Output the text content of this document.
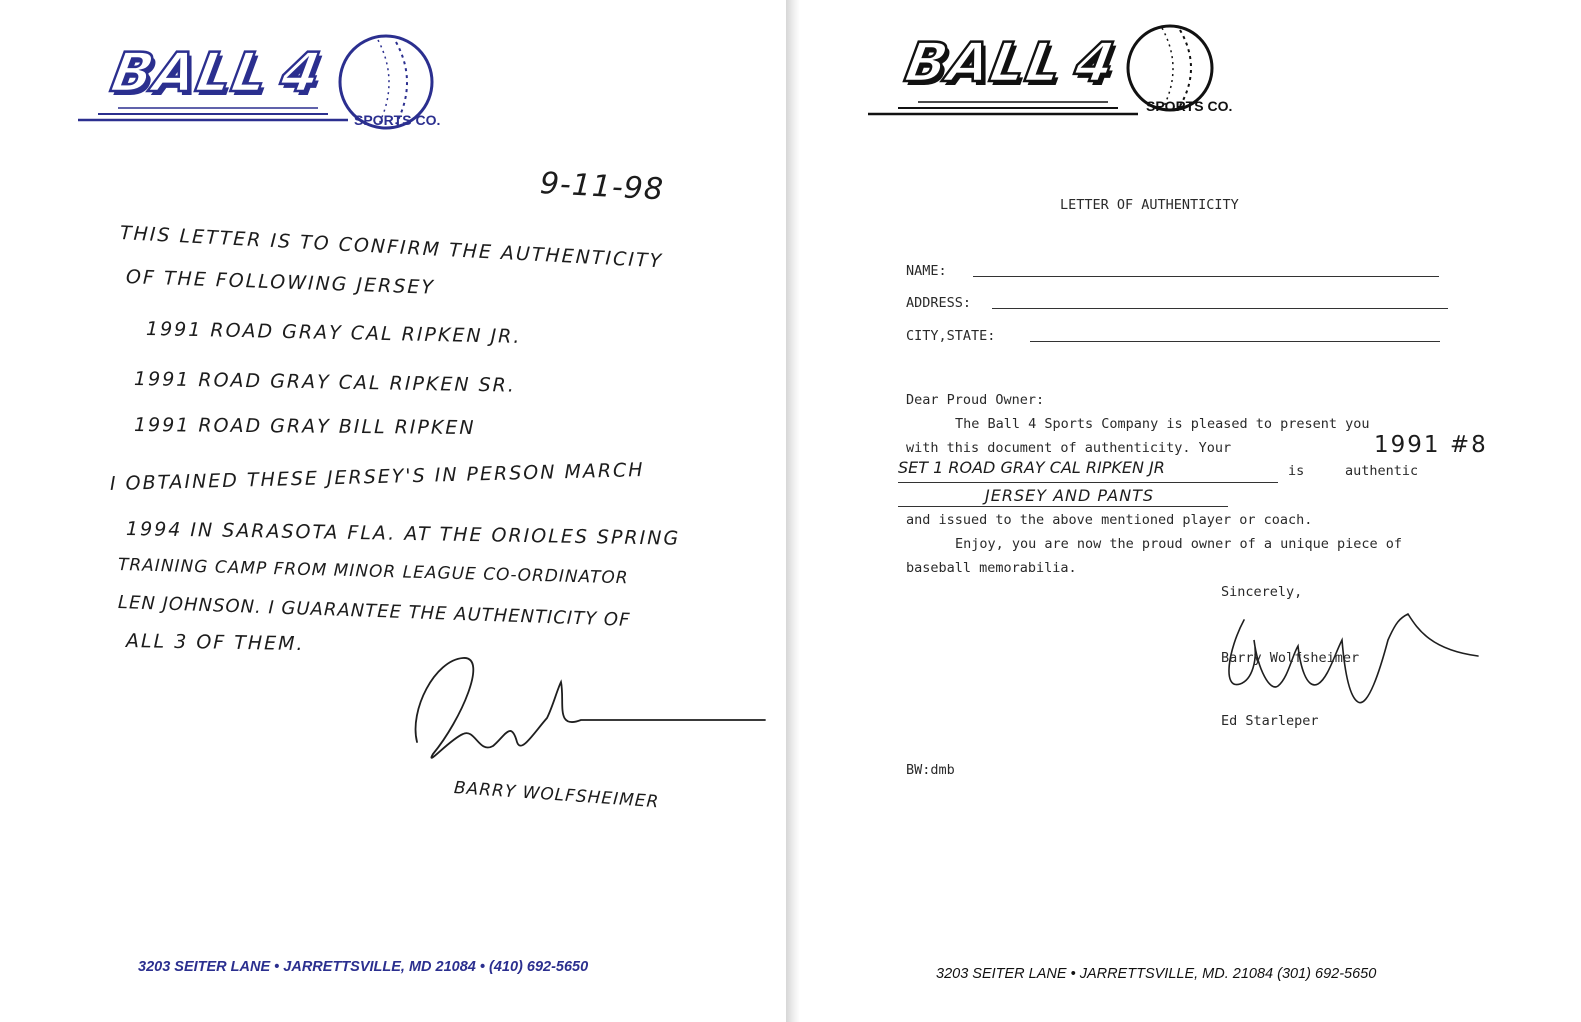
BALL4
SPORTS CO.
9-11-98
THIS LETTER IS TO CONFIRM THE AUTHENTICITY
OF THE FOLLOWING JERSEY
1991 ROAD GRAY CAL RIPKEN JR.
1991 ROAD GRAY CAL RIPKEN SR.
1991 ROAD GRAY BILL RIPKEN
I OBTAINED THESE JERSEY'S IN PERSON MARCH
1994 IN SARASOTA FLA. AT THE ORIOLES SPRING
TRAINING CAMP FROM MINOR LEAGUE CO-ORDINATOR
LEN JOHNSON. I GUARANTEE THE AUTHENTICITY OF
ALL 3 OF THEM.
BARRY WOLFSHEIMER
3203 SEITER LANE • JARRETTSVILLE, MD 21084 • (410) 692-5650
BALL4
SPORTS CO.
LETTER OF AUTHENTICITY
NAME:
ADDRESS:
CITY,STATE:
Dear Proud Owner:
The Ball 4 Sports Company is pleased to present you
with this document of authenticity. Your	1991 #8
SET 1 ROAD GRAY CAL RIPKEN JR	is	authentic
JERSEY AND PANTS
and issued to the above mentioned player or coach.
Enjoy, you are now the proud owner of a unique piece of
baseball memorabilia.
Sincerely,
Barry Wolfsheimer
Ed Starleper
BW:dmb
3203 SEITER LANE • JARRETTSVILLE, MD. 21084 (301) 692-5650
